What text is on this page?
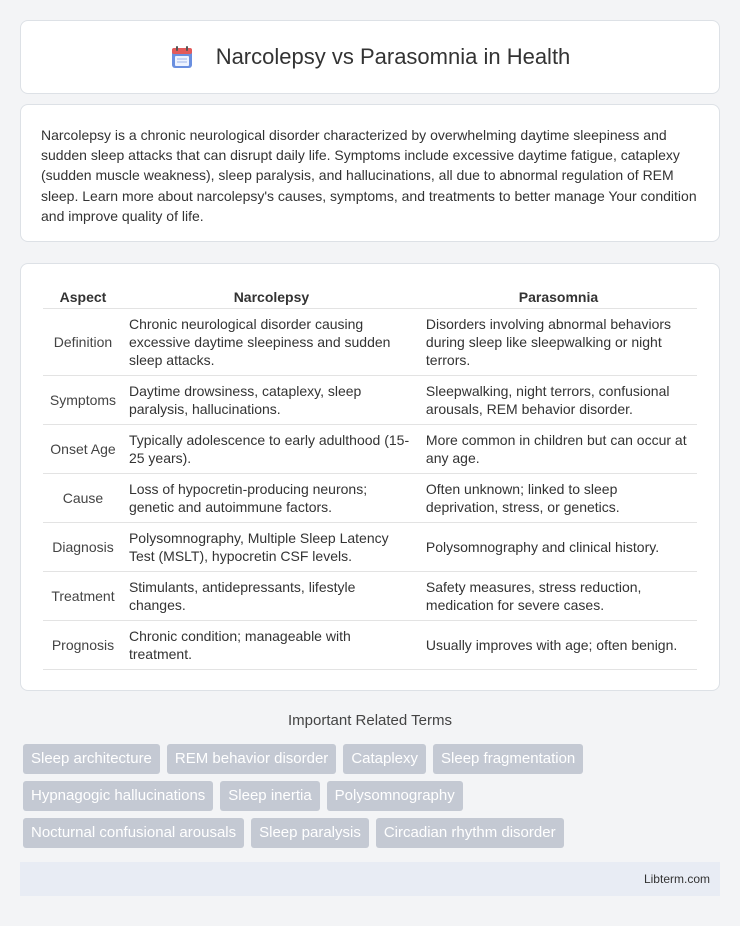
Narcolepsy vs Parasomnia in Health

Narcolepsy is a chronic neurological disorder characterized by overwhelming daytime sleepiness and sudden sleep attacks that can disrupt daily life. Symptoms include excessive daytime fatigue, cataplexy (sudden muscle weakness), sleep paralysis, and hallucinations, all due to abnormal regulation of REM sleep. Learn more about narcolepsy's causes, symptoms, and treatments to better manage Your condition and improve quality of life.

Aspect	Narcolepsy	Parasomnia
Definition	Chronic neurological disorder causing excessive daytime sleepiness and sudden sleep attacks.	Disorders involving abnormal behaviors during sleep like sleepwalking or night terrors.
Symptoms	Daytime drowsiness, cataplexy, sleep paralysis, hallucinations.	Sleepwalking, night terrors, confusional arousals, REM behavior disorder.
Onset Age	Typically adolescence to early adulthood (15-25 years).	More common in children but can occur at any age.
Cause	Loss of hypocretin-producing neurons; genetic and autoimmune factors.	Often unknown; linked to sleep deprivation, stress, or genetics.
Diagnosis	Polysomnography, Multiple Sleep Latency Test (MSLT), hypocretin CSF levels.	Polysomnography and clinical history.
Treatment	Stimulants, antidepressants, lifestyle changes.	Safety measures, stress reduction, medication for severe cases.
Prognosis	Chronic condition; manageable with treatment.	Usually improves with age; often benign.
Important Related Terms
Sleep architecture	REM behavior disorder	Cataplexy	Sleep fragmentation
Hypnagogic hallucinations	Sleep inertia	Polysomnography
Nocturnal confusional arousals	Sleep paralysis	Circadian rhythm disorder
Libterm.com
